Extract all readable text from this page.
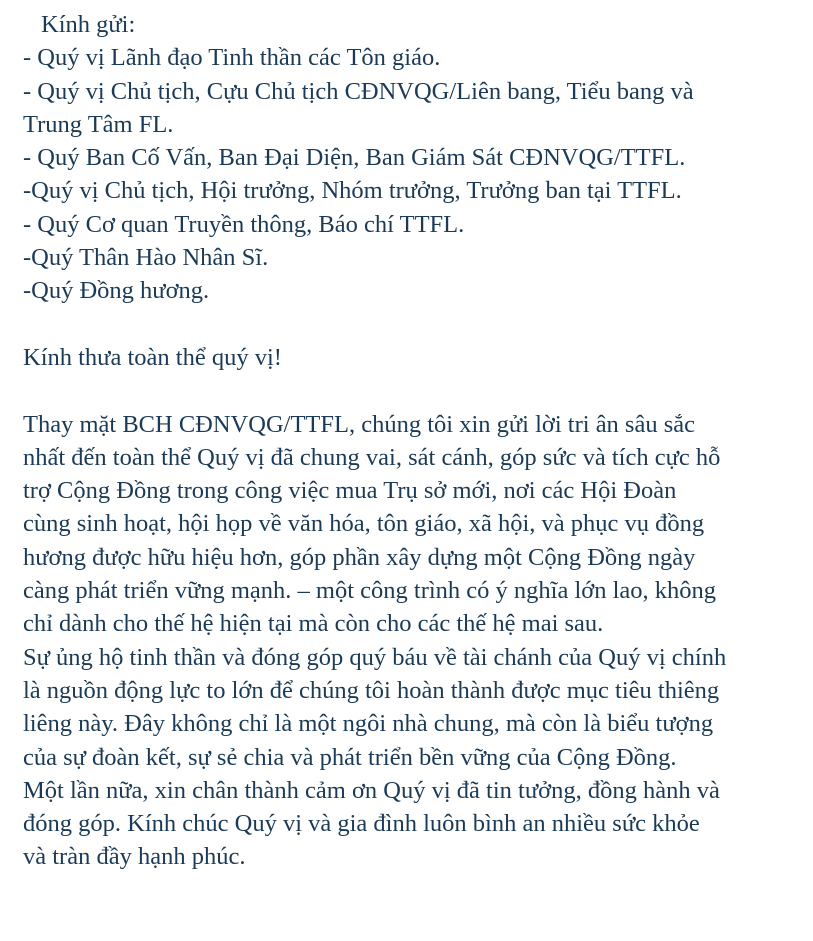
Kính gửi:
- Quý vị Lãnh đạo Tinh thần các Tôn giáo.
- Quý vị Chủ tịch, Cựu Chủ tịch CĐNVQG/Liên bang, Tiểu bang và
Trung Tâm FL.
- Quý Ban Cố Vấn, Ban Đại Diện, Ban Giám Sát CĐNVQG/TTFL.
-Quý vị Chủ tịch, Hội trưởng, Nhóm trưởng, Trưởng ban tại TTFL.
- Quý Cơ quan Truyền thông, Báo chí TTFL.
-Quý Thân Hào Nhân Sĩ.
-Quý Đồng hương.
Kính thưa toàn thể quý vị!
Thay mặt BCH CĐNVQG/TTFL, chúng tôi xin gửi lời tri ân sâu sắc
nhất đến toàn thể Quý vị đã chung vai, sát cánh, góp sức và tích cực hỗ
trợ Cộng Đồng trong công việc mua Trụ sở mới, nơi các Hội Đoàn
cùng sinh hoạt, hội họp về văn hóa, tôn giáo, xã hội, và phục vụ đồng
hương được hữu hiệu hơn, góp phần xây dựng một Cộng Đồng ngày
càng phát triển vững mạnh. – một công trình có ý nghĩa lớn lao, không
chỉ dành cho thế hệ hiện tại mà còn cho các thế hệ mai sau.
Sự ủng hộ tinh thần và đóng góp quý báu về tài chánh của Quý vị chính
là nguồn động lực to lớn để chúng tôi hoàn thành được mục tiêu thiêng
liêng này. Đây không chỉ là một ngôi nhà chung, mà còn là biểu tượng
của sự đoàn kết, sự sẻ chia và phát triển bền vững của Cộng Đồng.
Một lần nữa, xin chân thành cảm ơn Quý vị đã tin tưởng, đồng hành và
đóng góp. Kính chúc Quý vị và gia đình luôn bình an nhiều sức khỏe
và tràn đầy hạnh phúc.
